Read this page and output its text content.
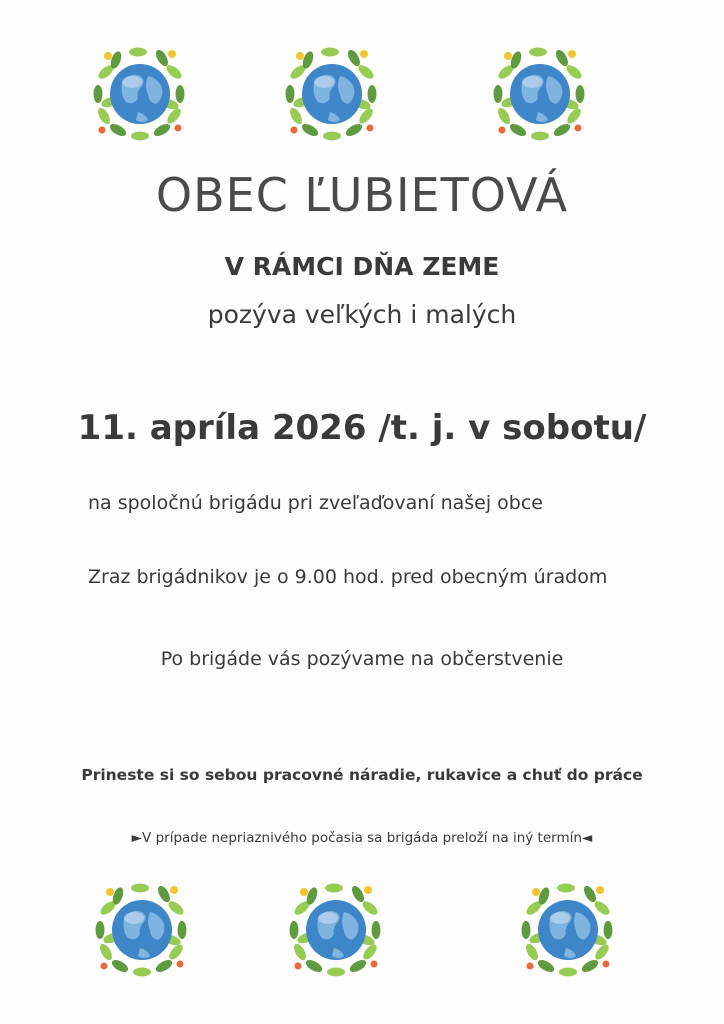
OBEC ĽUBIETOVÁ
V RÁMCI DŇA ZEME
pozýva veľkých i malých
11. apríla 2026 /t. j. v sobotu/
na spoločnú brigádu pri zveľaďovaní našej obce
Zraz brigádnikov je o 9.00 hod. pred obecným úradom
Po brigáde vás pozývame na občerstvenie
Prineste si so sebou pracovné náradie, rukavice a chuť do práce
►V prípade nepriaznivého počasia sa brigáda preloží na iný termín◄
